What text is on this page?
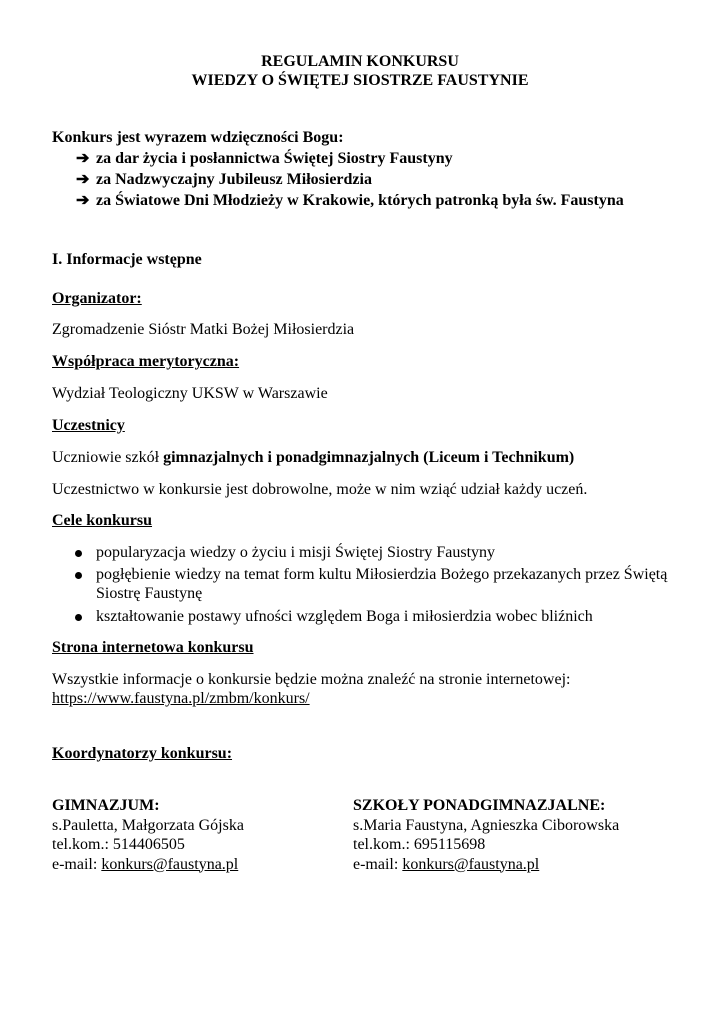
REGULAMIN KONKURSU

WIEDZY O ŚWIĘTEJ SIOSTRZE FAUSTYNIE

Konkurs jest wyrazem wdzięczności Bogu:

➔ za dar życia i posłannictwa Świętej Siostry Faustyny

➔ za Nadzwyczajny Jubileusz Miłosierdzia

➔ za Światowe Dni Młodzieży w Krakowie, których patronką była św. Faustyna

I. Informacje wstępne

Organizator:

Zgromadzenie Sióstr Matki Bożej Miłosierdzia

Współpraca merytoryczna:

Wydział Teologiczny UKSW w Warszawie

Uczestnicy

Uczniowie szkół gimnazjalnych i ponadgimnazjalnych (Liceum i Technikum)

Uczestnictwo w konkursie jest dobrowolne, może w nim wziąć udział każdy uczeń.

Cele konkursu

popularyzacja wiedzy o życiu i misji Świętej Siostry Faustyny
pogłębienie wiedzy na temat form kultu Miłosierdzia Bożego przekazanych przez Świętą Siostrę Faustynę
kształtowanie postawy ufności względem Boga i miłosierdzia wobec bliźnich

Strona internetowa konkursu

Wszystkie informacje o konkursie będzie można znaleźć na stronie internetowej:

https://www.faustyna.pl/zmbm/konkurs/

Koordynatorzy konkursu:

GIMNAZJUM:

s.Pauletta, Małgorzata Gójska

tel.kom.: 514406505

e-mail: konkurs@faustyna.pl

SZKOŁY PONADGIMNAZJALNE:

s.Maria Faustyna, Agnieszka Ciborowska

tel.kom.: 695115698

e-mail: konkurs@faustyna.pl
